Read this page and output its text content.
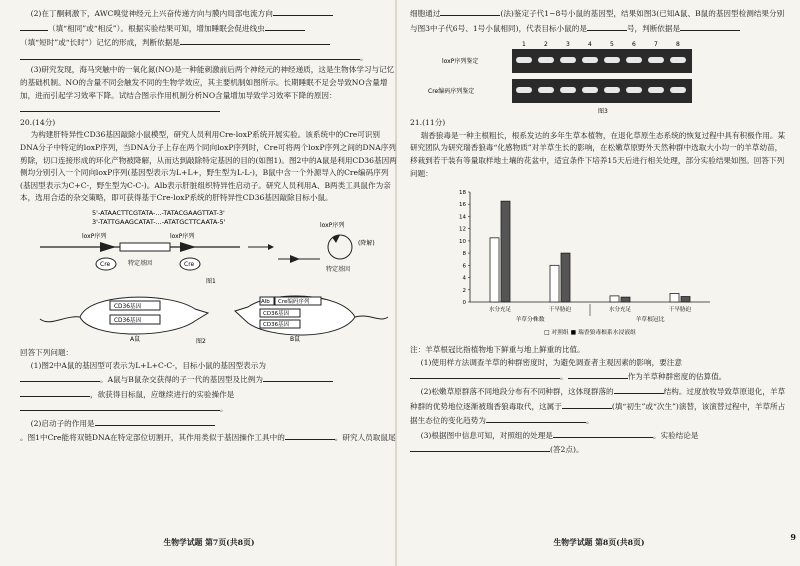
(2)在丁酮刺激下，AWC嗅觉神经元上兴奋传递方向与膜内局部电流方向

（填“相同”或“相反”）。根据实验结果可知，增加睡眠会促进线虫

（填“短时”或“长时”）记忆的形成，判断依据是

。

(3)研究发现，海马突触中的一氧化氮(NO)是一种能刺激前后两个神经元的神经递质，这是生物体学习与记忆的基础机制。NO的含量不同会触发不同的生物学效应，其主要机制如图所示。长期睡眠不足会导致NO含量增加，进而引起学习效率下降。试结合图示作用机制分析NO含量增加导致学习效率下降的原因：

20.(14分)

为构建肝特异性CD36基因敲除小鼠模型，研究人员利用Cre-loxP系统开展实验。该系统中的Cre可识别DNA分子中特定的loxP序列，当DNA分子上存在两个同向loxP序列时，Cre可将两个loxP序列之间的DNA序列剪除，切口连接形成的环化产物被降解，从而达到敲除特定基因的目的(如图1)。图2中的A鼠是利用CD36基因两侧均分别引入一个同向loxP序列(基因型表示为L+L+，野生型为L-L-)，B鼠中含一个外源导入的Cre编码序列(基因型表示为C+C-，野生型为C-C-)。Alb表示肝脏组织特异性启动子。研究人员利用A、B两类工具鼠作为亲本，选用合适的杂交策略，即可获得基于Cre-loxP系统的肝特异性CD36基因敲除目标小鼠。

5'-ATAACTTCGTATA-...-TATACGAAGTTAT-3'
3'-TATTGAAGCATAT-...-ATATGCTTCAATA-5'
loxP序列	loxP序列
Cre	Cre
特定基因
loxP序列
(降解)
特定基因
图1
CD36基因
CD36基因
A鼠
Alb Cre编码序列
CD36基因
CD36基因
B鼠
图2

回答下列问题：

(1)图2中A鼠的基因型可表示为L+L+C-C-，目标小鼠的基因型表示为

。A鼠与B鼠杂交获得的子一代的基因型及比例为

，欲获得目标鼠，应继续进行的实验操作是

。

(2)启动子的作用是

。图1中Cre能将双链DNA在特定部位切割开，其作用类似于基因操作工具中的	。研究人员取鼠尾

生物学试题 第7页(共8页)

细胞通过	(法)鉴定子代1~8号小鼠的基因型，结果如图3(已知A鼠、B鼠的基因型检测结果分别与图3中子代6号、1号小鼠相同)，代表目标小鼠的是	号，判断依据是

1	2	3	4	5	6	7	8
loxP序列鉴定
Cre编码序列鉴定
图3

21.(11分)

瑞香狼毒是一种主根粗长，根系发达的多年生草本植物，在退化草原生态系统的恢复过程中具有积极作用。某研究团队为研究瑞香狼毒“化感物质”对羊草生长的影响，在松嫩草原野外天然种群中选取大小均一的羊草幼苗，移栽到若干装有等量取样地土壤的花盆中，适宜条件下培养15天后进行相关处理，部分实验结果如图。回答下列问题：

0
2
4
6
8
10
12
14
16
18
水分充足	干旱胁迫	水分充足	干旱胁迫
羊草分株数	羊草根冠比
□ 对照组 ■ 瑞香狼毒根系水浸液组

注：羊草根冠比指植物地下鲜重与地上鲜重的比值。

(1)使用样方法调查羊草的种群密度时，为避免调查者主观因素的影响，要注意

。	作为羊草种群密度的估算值。

(2)松嫩草原群落不同地段分布有不同种群，这体现群落的	结构。过度放牧导致草原退化，羊草种群的优势地位逐渐被瑞香狼毒取代，这属于	(填“初生”或“次生”)演替，该演替过程中，羊草所占据生态位的变化趋势为	。

(3)根据图中信息可知，对照组的处理是	。实验结论是

(答2点)。

生物学试题 第8页(共8页)
9
